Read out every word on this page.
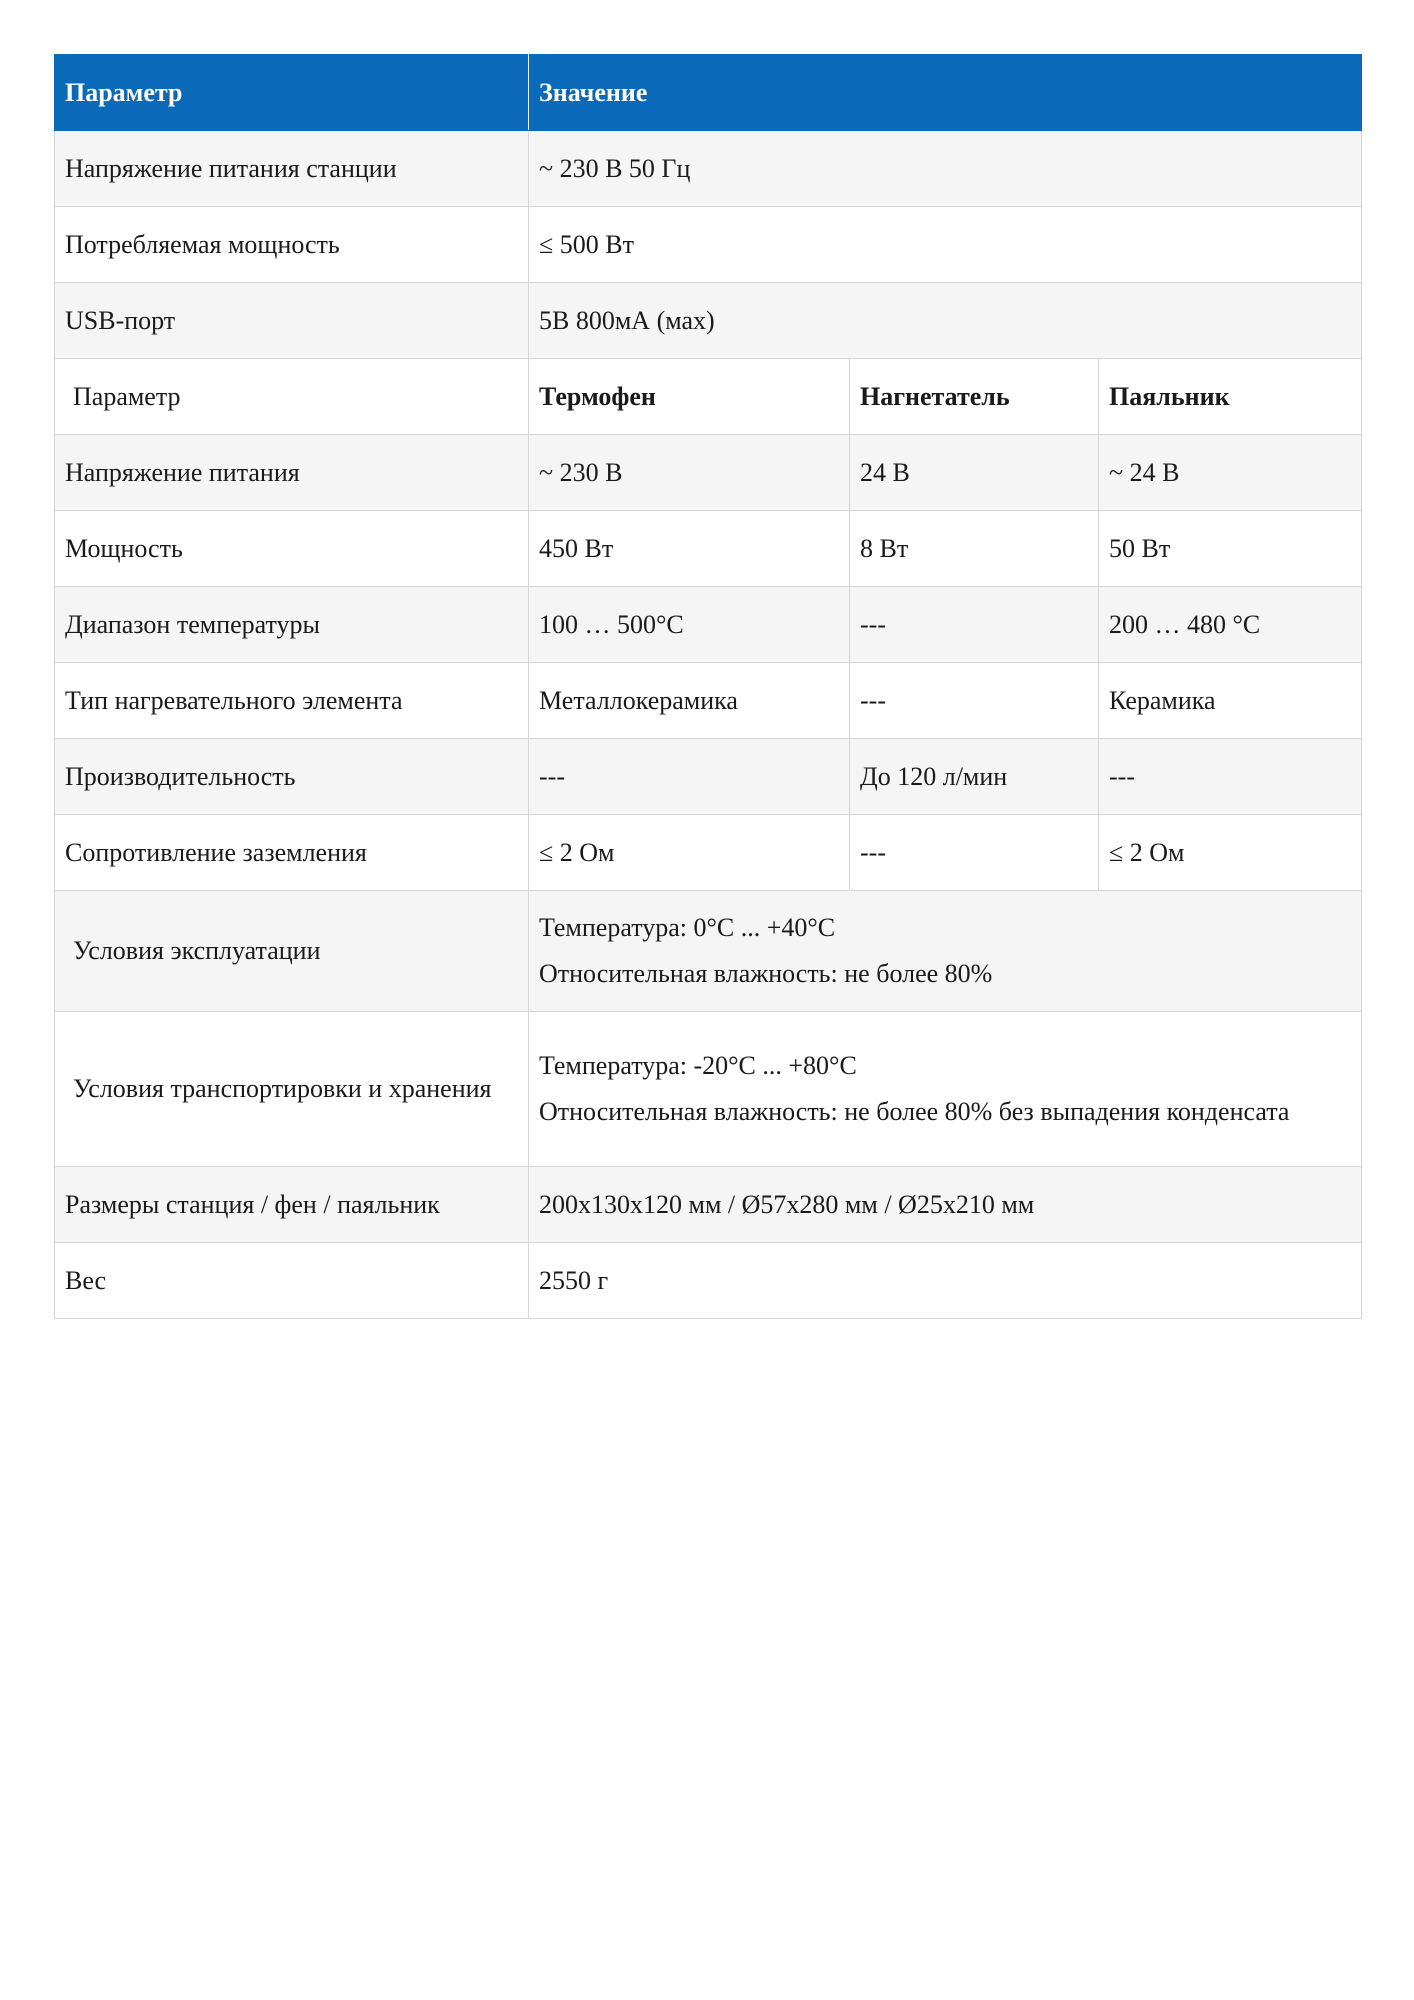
Параметр	Значение		
Напряжение питания станции	~ 230 В 50 Гц		
Потребляемая мощность	≤ 500 Вт		
USB-порт	5В 800мА (мах)		
Параметр	Термофен	Нагнетатель	Паяльник
Напряжение питания	~ 230 В	24 В	~ 24 В
Мощность	450 Вт	8 Вт	50 Вт
Диапазон температуры	100 … 500°C	---	200 … 480 °C
Тип нагревательного элемента	Металлокерамика	---	Керамика
Производительность	---	До 120 л/мин	---
Сопротивление заземления	≤ 2 Ом	---	≤ 2 Ом
Условия эксплуатации	Температура: 0°C ... +40°C

Относительная влажность: не более 80%		

Условия транспортировки и хранения	Температура: -20°C ... +80°C

Относительная влажность: не более 80% без выпадения конденсата		

Размеры станция / фен / паяльник	200x130x120 мм / Ø57x280 мм / Ø25x210 мм		
Вес	2550 г		
